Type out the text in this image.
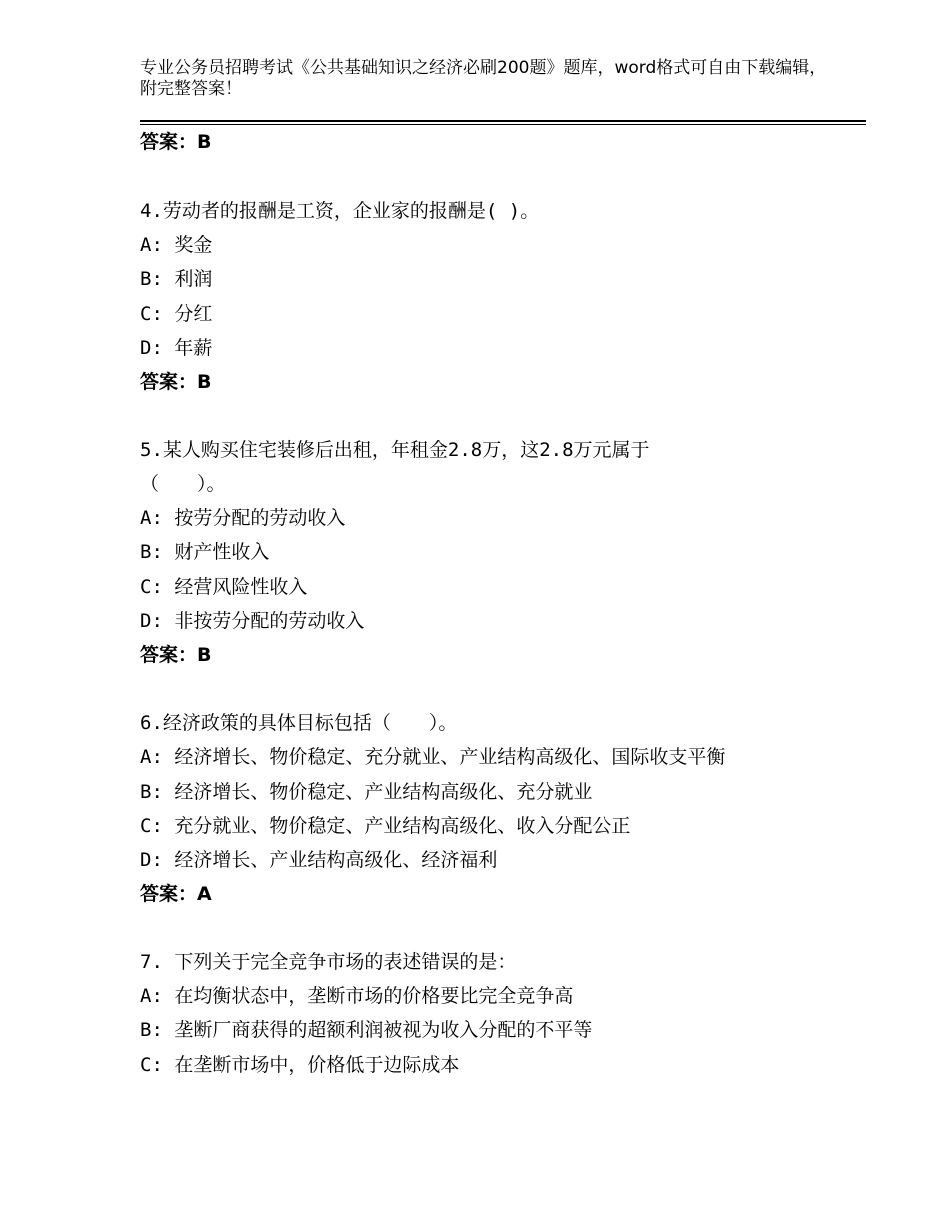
专业公务员招聘考试《公共基础知识之经济必刷200题》题库，word格式可自由下载编辑，附完整答案！
答案：B
4.劳动者的报酬是工资，企业家的报酬是( )。
A: 奖金
B: 利润
C: 分红
D: 年薪
答案：B
5.某人购买住宅装修后出租，年租金2.8万，这2.8万元属于
（　　）。
A: 按劳分配的劳动收入
B: 财产性收入
C: 经营风险性收入
D: 非按劳分配的劳动收入
答案：B
6.经济政策的具体目标包括（　　）。
A: 经济增长、物价稳定、充分就业、产业结构高级化、国际收支平衡
B: 经济增长、物价稳定、产业结构高级化、充分就业
C: 充分就业、物价稳定、产业结构高级化、收入分配公正
D: 经济增长、产业结构高级化、经济福利
答案：A
7. 下列关于完全竞争市场的表述错误的是：
A: 在均衡状态中，垄断市场的价格要比完全竞争高
B: 垄断厂商获得的超额利润被视为收入分配的不平等
C: 在垄断市场中，价格低于边际成本
